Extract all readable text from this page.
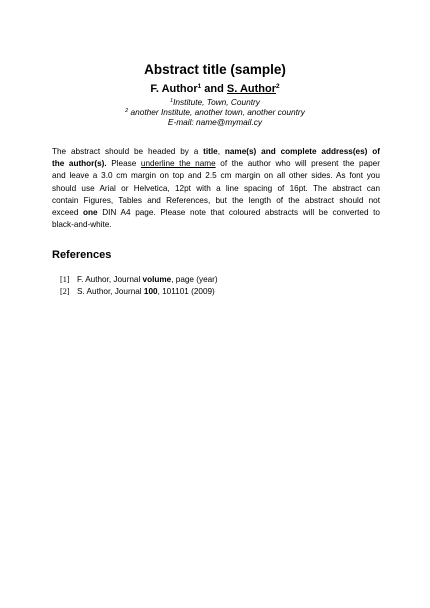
Abstract title (sample)
F. Author$^1$ and S. Author$^2$
$^1$Institute, Town, Country
$^2$ another Institute, another town, another country
E-mail: name@mymail.cy
The abstract should be headed by a title, name(s) and complete address(es) of
the author(s). Please underline the name of the author who will present the paper
and leave a 3.0 cm margin on top and 2.5 cm margin on all other sides. As font you
should use Arial or Helvetica, 12pt with a line spacing of 16pt. The abstract can
contain Figures, Tables and References, but the length of the abstract should not
exceed one DIN A4 page. Please note that coloured abstracts will be converted to
black-and-white.
References
[1] F. Author, Journal volume, page (year)
[2] S. Author, Journal 100, 101101 (2009)
